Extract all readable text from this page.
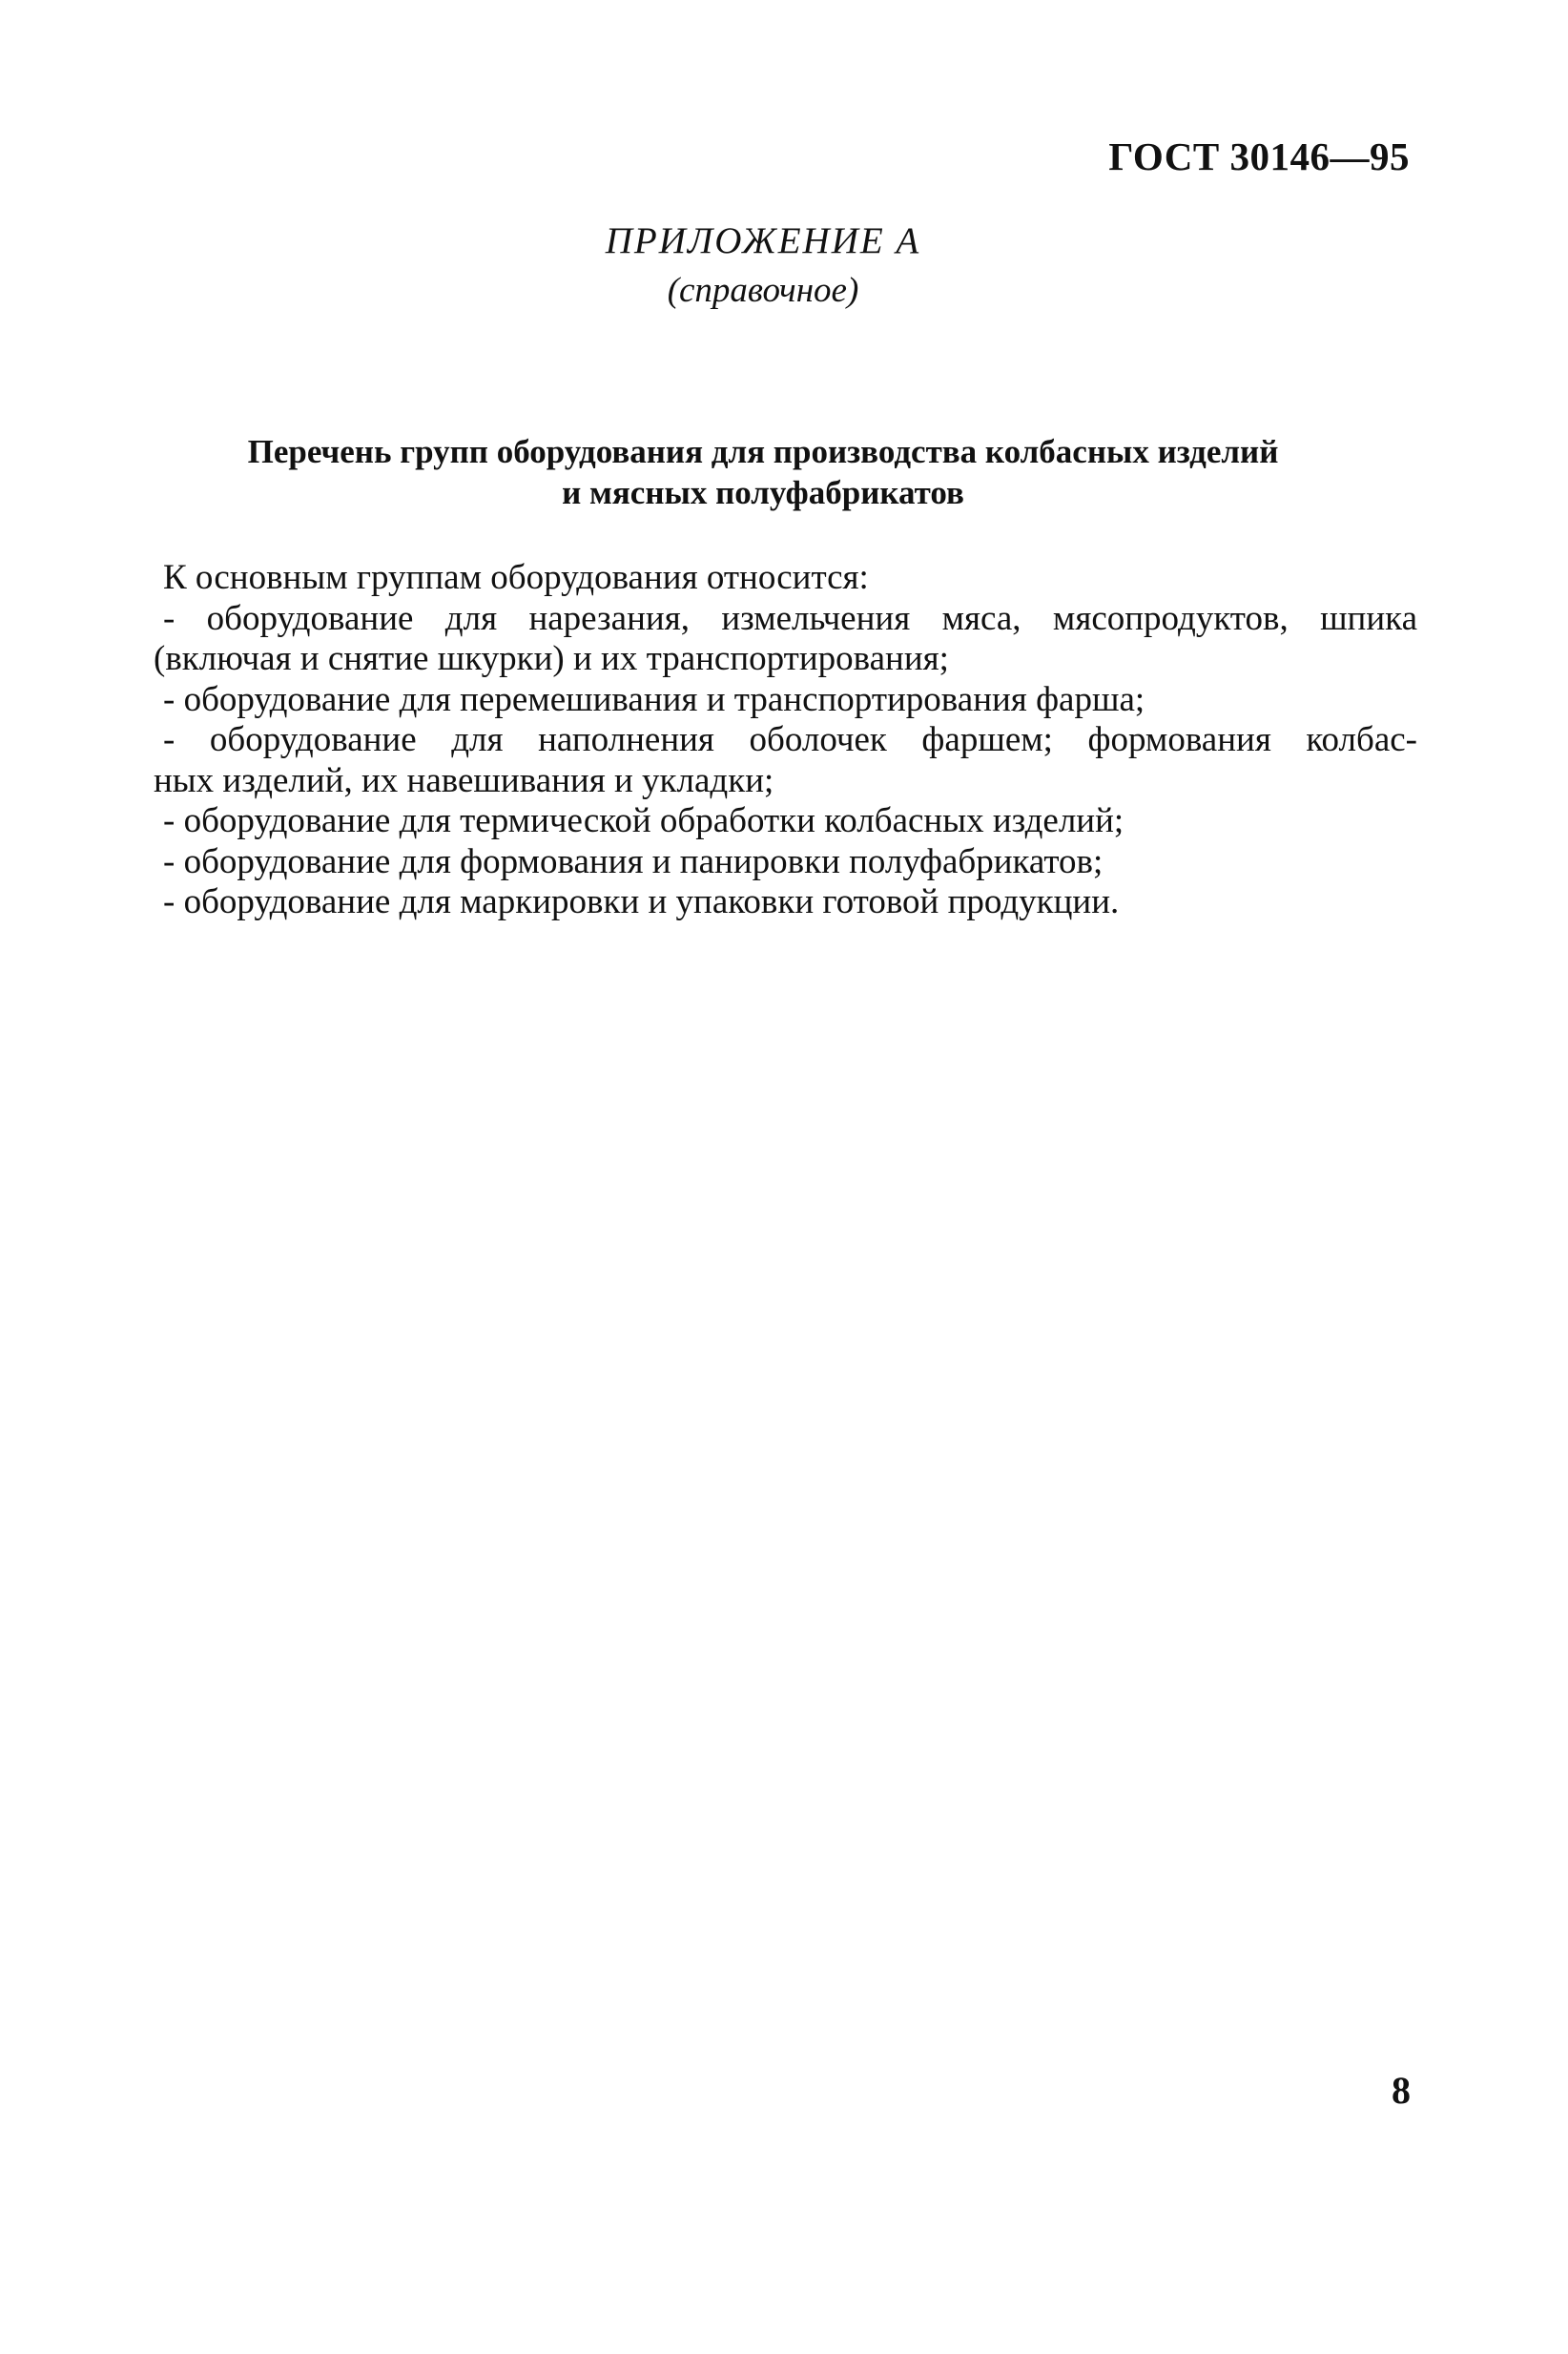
ГОСТ 30146—95
ПРИЛОЖЕНИЕ А
(справочное)
Перечень групп оборудования для производства колбасных изделий
и мясных полуфабрикатов
К основным группам оборудования относится:
- оборудование для нарезания, измельчения мяса, мясопродуктов, шпика
(включая и снятие шкурки) и их транспортирования;
- оборудование для перемешивания и транспортирования фарша;
- оборудование для наполнения оболочек фаршем; формования колбас-
ных изделий, их навешивания и укладки;
- оборудование для термической обработки колбасных изделий;
- оборудование для формования и панировки полуфабрикатов;
- оборудование для маркировки и упаковки готовой продукции.
8
